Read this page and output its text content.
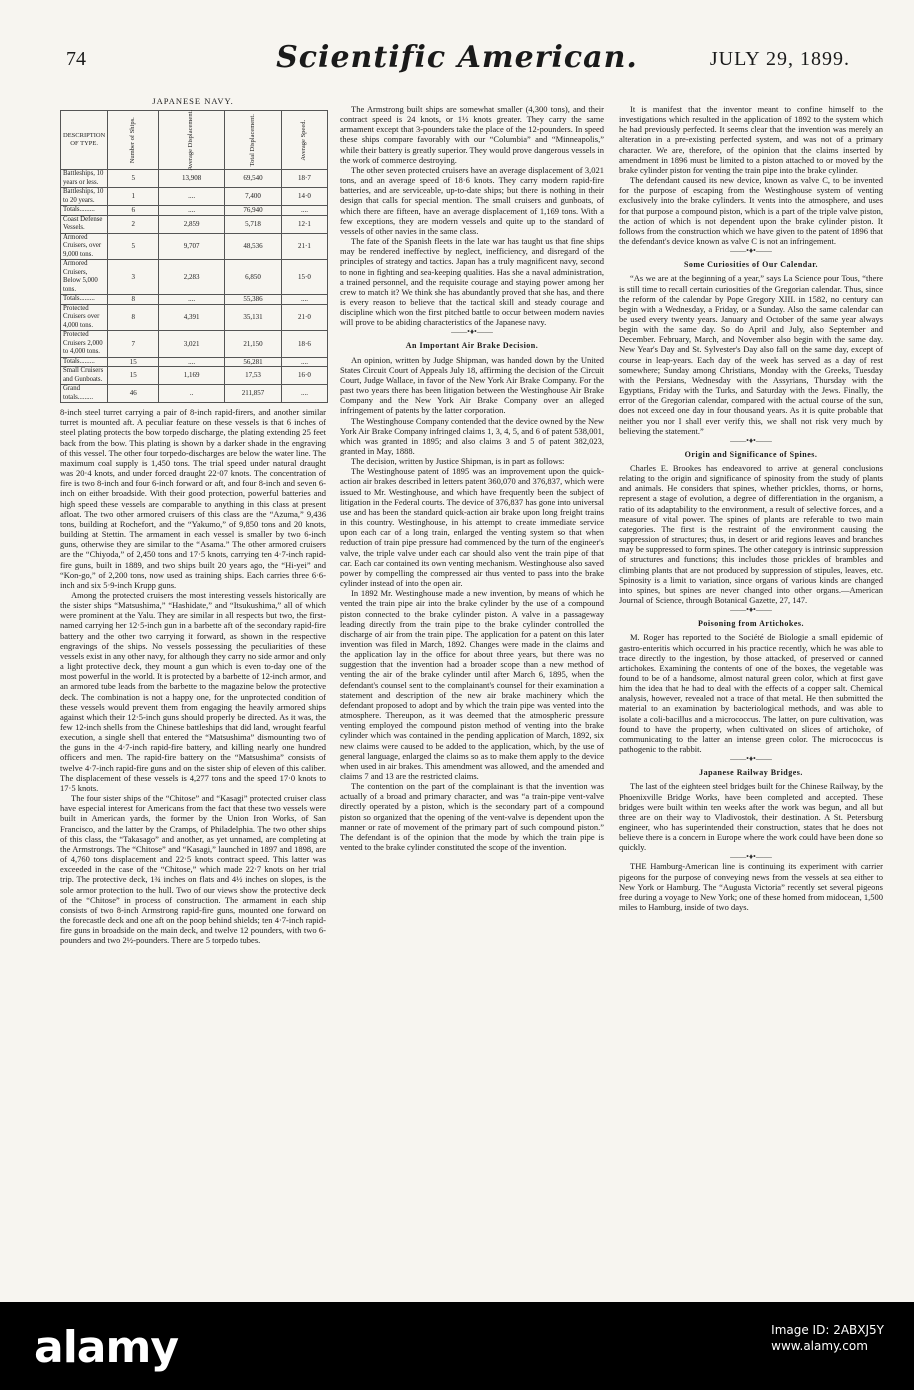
74	Scientific American.	JULY 29, 1899.
JAPANESE NAVY.
DESCRIPTION OF TYPE.	Number of Ships.	Average Displacement.	Total Displacement.	Average Speed.
Battleships, 10 years or less.	5	13,908	69,540	18·7
Battleships, 10 to 20 years.	1	....	7,400	14·0
Totals.........	6	....	76,940	....
Coast Defense Vessels.	2	2,859	5,718	12·1
Armored Cruisers, over 9,000 tons.	5	9,707	48,536	21·1
Armored Cruisers, Below 5,000 tons.	3	2,283	6,850	15·0
Totals.........	8	....	55,386	....
Protected Cruisers over 4,000 tons.	8	4,391	35,131	21·0
Protected Cruisers 2,000 to 4,000 tons.	7	3,021	21,150	18·6
Totals.........	15	....	56,281	....
Small Cruisers and Gunboats.	15	1,169	17,53	16·0
Grand totals.........	46	..	211,857	....

8-inch steel turret carrying a pair of 8-inch rapid-firers, and another similar turret is mounted aft. A peculiar feature on these vessels is that 6 inches of steel plating protects the bow torpedo discharge, the plating extending 25 feet back from the bow. This plating is shown by a darker shade in the engraving of this vessel. The other four torpedo-discharges are below the water line. The maximum coal supply is 1,450 tons. The trial speed under natural draught was 20·4 knots, and under forced draught 22·07 knots. The concentration of fire is two 8-inch and four 6-inch forward or aft, and four 8-inch and seven 6-inch on either broadside. With their good protection, powerful batteries and high speed these vessels are comparable to anything in this class at present afloat. The two other armored cruisers of this class are the “Azuma,” 9,436 tons, building at Rochefort, and the “Yakumo,” of 9,850 tons and 20 knots, building at Stettin. The armament in each vessel is smaller by two 6-inch guns, otherwise they are similar to the “Asama.” The other armored cruisers are the “Chiyoda,” of 2,450 tons and 17·5 knots, carrying ten 4·7-inch rapid-fire guns, built in 1889, and two ships built 20 years ago, the “Hi-yei” and “Kon-go,” of 2,200 tons, now used as training ships. Each carries three 6·6-inch and six 5·9-inch Krupp guns.

Among the protected cruisers the most interesting vessels historically are the sister ships “Matsushima,” “Hashidate,” and “Itsukushima,” all of which were prominent at the Yalu. They are similar in all respects but two, the first-named carrying her 12·5-inch gun in a barbette aft of the secondary rapid-fire battery and the other two carrying it forward, as shown in the respective engravings of the ships. No vessels possessing the peculiarities of these vessels exist in any other navy, for although they carry no side armor and only a light protective deck, they mount a gun which is even to-day one of the most powerful in the world. It is protected by a barbette of 12-inch armor, and an armored tube leads from the barbette to the magazine below the protective deck. The combination is not a happy one, for the unprotected condition of these vessels would prevent them from engaging the heavily armored ships against which their 12·5-inch guns should properly be directed. As it was, the few 12-inch shells from the Chinese battleships that did land, wrought fearful execution, a single shell that entered the “Matsushima” dismounting two of the guns in the 4·7-inch rapid-fire battery, and killing nearly one hundred officers and men. The rapid-fire battery on the “Matsushima” consists of twelve 4·7-inch rapid-fire guns and on the sister ship of eleven of this caliber. The displacement of these vessels is 4,277 tons and the speed 17·0 knots to 17·5 knots.

The four sister ships of the “Chitose” and “Kasagi” protected cruiser class have especial interest for Americans from the fact that these two vessels were built in American yards, the former by the Union Iron Works, of San Francisco, and the latter by the Cramps, of Philadelphia. The two other ships of this class, the “Takasago” and another, as yet unnamed, are completing at the Armstrongs. The “Chitose” and “Kasagi,” launched in 1897 and 1898, are of 4,760 tons displacement and 22·5 knots contract speed. This latter was exceeded in the case of the “Chitose,” which made 22·7 knots on her trial trip. The protective deck, 1¾ inches on flats and 4½ inches on slopes, is the sole armor protection to the hull. Two of our views show the protective deck of the “Chitose” in process of construction. The armament in each ship consists of two 8-inch Armstrong rapid-fire guns, mounted one forward on the forecastle deck and one aft on the poop behind shields; ten 4·7-inch rapid-fire guns in broadside on the main deck, and twelve 12 pounders, with two 6-pounders and two 2½-pounders. There are 5 torpedo tubes.

The Armstrong built ships are somewhat smaller (4,300 tons), and their contract speed is 24 knots, or 1½ knots greater. They carry the same armament except that 3-pounders take the place of the 12-pounders. In speed these ships compare favorably with our “Columbia” and “Minneapolis,” while their battery is greatly superior. They would prove dangerous vessels in the work of commerce destroying.

The other seven protected cruisers have an average displacement of 3,021 tons, and an average speed of 18·6 knots. They carry modern rapid-fire batteries, and are serviceable, up-to-date ships; but there is nothing in their design that calls for special mention. The small cruisers and gunboats, of which there are fifteen, have an average displacement of 1,169 tons. With a few exceptions, they are modern vessels and quite up to the standard of vessels of other navies in the same class.

The fate of the Spanish fleets in the late war has taught us that fine ships may be rendered ineffective by neglect, inefficiency, and disregard of the principles of strategy and tactics. Japan has a truly magnificent navy, second to none in fighting and sea-keeping qualities. Has she a naval administration, a trained personnel, and the requisite courage and staying power among her crew to match it? We think she has abundantly proved that she has, and there is every reason to believe that the tactical skill and steady courage and discipline which won the first pitched battle to occur between modern navies will prove to be abiding characteristics of the Japanese navy.

——•♦•——
An Important Air Brake Decision.

An opinion, written by Judge Shipman, was handed down by the United States Circuit Court of Appeals July 18, affirming the decision of the Circuit Court, Judge Wallace, in favor of the New York Air Brake Company. For the past two years there has been litigation between the Westinghouse Air Brake Company and the New York Air Brake Company over an alleged infringement of patents by the latter corporation.

The Westinghouse Company contended that the device owned by the New York Air Brake Company infringed claims 1, 3, 4, 5, and 6 of patent 538,001, which was granted in 1895; and also claims 3 and 5 of patent 382,023, granted in May, 1888.

The decision, written by Justice Shipman, is in part as follows:

The Westinghouse patent of 1895 was an improvement upon the quick-action air brakes described in letters patent 360,070 and 376,837, which were issued to Mr. Westinghouse, and which have frequently been the subject of litigation in the Federal courts. The device of 376,837 has gone into universal use and has been the standard quick-action air brake upon long freight trains in this country. Westinghouse, in his attempt to create immediate service upon each car of a long train, enlarged the venting system so that when reduction of train pipe pressure had commenced by the turn of the engineer's valve, the triple valve under each car should also vent the train pipe of that car. Each car contained its own venting mechanism. Westinghouse also saved power by compelling the compressed air thus vented to pass into the brake cylinder instead of into the open air.

In 1892 Mr. Westinghouse made a new invention, by means of which he vented the train pipe air into the brake cylinder by the use of a compound piston connected to the brake cylinder piston. A valve in a passageway leading directly from the train pipe to the brake cylinder controlled the discharge of air from the train pipe. The application for a patent on this later invention was filed in March, 1892. Changes were made in the claims and the application lay in the office for about three years, but there was no suggestion that the invention had a broader scope than a new method of venting the air of the brake cylinder until after March 6, 1895, when the defendant's counsel sent to the complainant's counsel for their examination a statement and description of the new air brake machinery which the defendant proposed to adopt and by which the train pipe was vented into the atmosphere. Thereupon, as it was deemed that the atmospheric pressure venting employed the compound piston method of venting into the brake cylinder which was contained in the pending application of March, 1892, six new claims were caused to be added to the application, which, by the use of general language, enlarged the claims so as to make them apply to the device when used in air brakes. This amendment was allowed, and the amended and claims 7 and 13 are the restricted claims.

The contention on the part of the complainant is that the invention was actually of a broad and primary character, and was “a train-pipe vent-valve directly operated by a piston, which is the secondary part of a compound piston so organized that the opening of the vent-valve is dependent upon the manner or rate of movement of the primary part of such compound piston.” The defendant is of the opinion that the mode by which the train pipe is vented to the brake cylinder constituted the scope of the invention.

It is manifest that the inventor meant to confine himself to the investigations which resulted in the application of 1892 to the system which he had previously perfected. It seems clear that the invention was merely an alteration in a pre-existing perfected system, and was not of a primary character. We are, therefore, of the opinion that the claims inserted by amendment in 1896 must be limited to a piston attached to or moved by the brake cylinder piston for venting the train pipe into the brake cylinder.

The defendant caused its new device, known as valve C, to be invented for the purpose of escaping from the Westinghouse system of venting exclusively into the brake cylinders. It vents into the atmosphere, and uses for that purpose a compound piston, which is a part of the triple valve piston, the action of which is not dependent upon the brake cylinder piston. It follows from the construction which we have given to the patent of 1896 that the defendant's device known as valve C is not an infringement.

——•♦•——
Some Curiosities of Our Calendar.

“As we are at the beginning of a year,” says La Science pour Tous, “there is still time to recall certain curiosities of the Gregorian calendar. Thus, since the reform of the calendar by Pope Gregory XIII. in 1582, no century can begin with a Wednesday, a Friday, or a Sunday. Also the same calendar can be used every twenty years. January and October of the same year always begin with the same day. So do April and July, also September and December. February, March, and November also begin with the same day. New Year's Day and St. Sylvester's Day also fall on the same day, except of course in leap-years. Each day of the week has served as a day of rest somewhere; Sunday among Christians, Monday with the Greeks, Tuesday with the Persians, Wednesday with the Assyrians, Thursday with the Egyptians, Friday with the Turks, and Saturday with the Jews. Finally, the error of the Gregorian calendar, compared with the actual course of the sun, does not exceed one day in four thousand years. As it is quite probable that neither you nor I shall ever verify this, we shall not risk very much by believing the statement.”

——•♦•——
Origin and Significance of Spines.

Charles E. Brookes has endeavored to arrive at general conclusions relating to the origin and significance of spinosity from the study of plants and animals. He considers that spines, whether prickles, thorns, or horns, represent a stage of evolution, a degree of differentiation in the organism, a ratio of its adaptability to the environment, a result of selective forces, and a measure of vital power. The spines of plants are referable to two main categories. The first is the restraint of the environment causing the suppression of structures; thus, in desert or arid regions leaves and branches may be suppressed to form spines. The other category is intrinsic suppression of structures and functions; this includes those prickles of brambles and climbing plants that are not produced by suppression of stipules, leaves, etc. Spinosity is a limit to variation, since organs of various kinds are changed into spines, but spines are never changed into other organs.—American Journal of Science, through Botanical Gazette, 27, 147.

——•♦•——
Poisoning from Artichokes.

M. Roger has reported to the Société de Biologie a small epidemic of gastro-enteritis which occurred in his practice recently, which he was able to trace directly to the ingestion, by those attacked, of preserved or canned artichokes. Examining the contents of one of the boxes, the vegetable was found to be of a handsome, almost natural green color, which at first gave him the idea that he had to deal with the effects of a copper salt. Chemical analysis, however, revealed not a trace of that metal. He then submitted the material to an examination by bacteriological methods, and was able to isolate a coli-bacillus and a micrococcus. The latter, on pure cultivation, was found to have the property, when cultivated on slices of artichoke, of communicating to the latter an intense green color. The micrococcus is pathogenic to the rabbit.

——•♦•——
Japanese Railway Bridges.

The last of the eighteen steel bridges built for the Chinese Railway, by the Phoenixville Bridge Works, have been completed and accepted. These bridges were built within ten weeks after the work was begun, and all but three are on their way to Vladivostok, their destination. A St. Petersburg engineer, who has superintended their construction, states that he does not believe there is a concern in Europe where the work could have been done so quickly.

——•♦•——

THE Hamburg-American line is continuing its experiment with carrier pigeons for the purpose of conveying news from the vessels at sea either to New York or Hamburg. The “Augusta Victoria” recently set several pigeons free during a voyage to New York; one of these homed from midocean, 1,500 miles to Hamburg, inside of two days.

alamy	Image ID: 2ABXJ5Y
www.alamy.com
